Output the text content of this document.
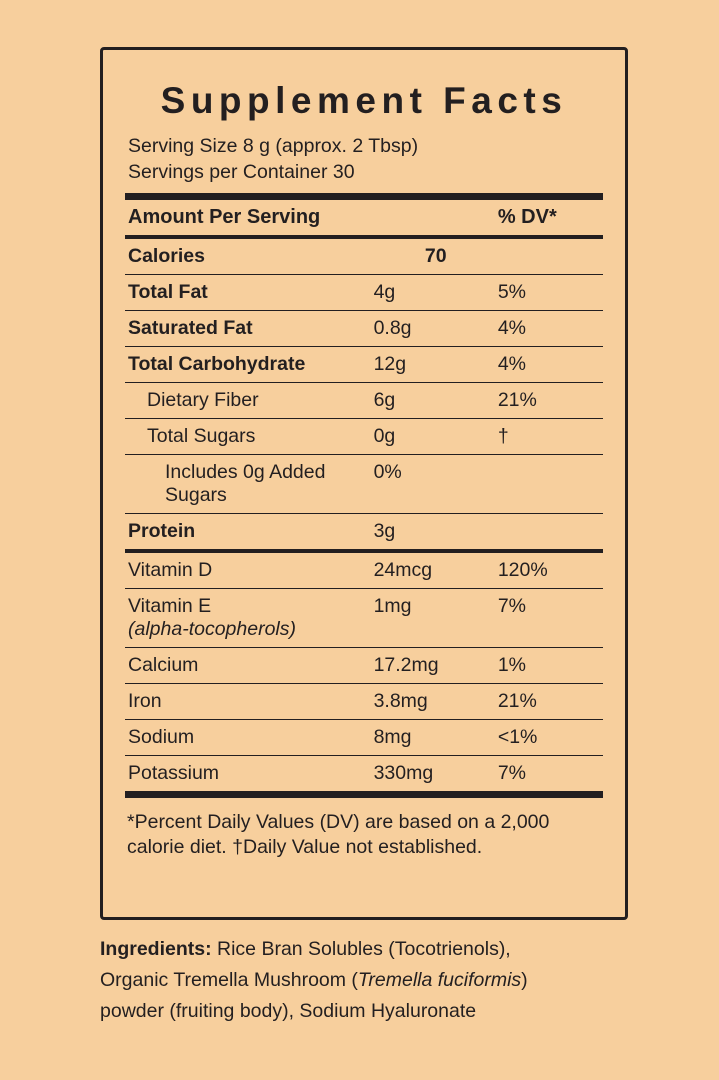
Supplement Facts
Serving Size 8 g (approx. 2 Tbsp)
Servings per Container 30
Amount Per Serving		% DV*
Calories	70	
Total Fat	4g	5%
Saturated Fat	0.8g	4%
Total Carbohydrate	12g	4%
Dietary Fiber	6g	21%
Total Sugars	0g	†
Includes 0g Added Sugars	0%	
Protein	3g	
Vitamin D	24mcg	120%
Vitamin E
(alpha-tocopherols)	1mg	7%
Calcium	17.2mg	1%
Iron	3.8mg	21%
Sodium	8mg	<1%
Potassium	330mg	7%
*Percent Daily Values (DV) are based on a 2,000 calorie diet. †Daily Value not established.
Ingredients: Rice Bran Solubles (Tocotrienols),
Organic Tremella Mushroom (Tremella fuciformis)
powder (fruiting body), Sodium Hyaluronate
